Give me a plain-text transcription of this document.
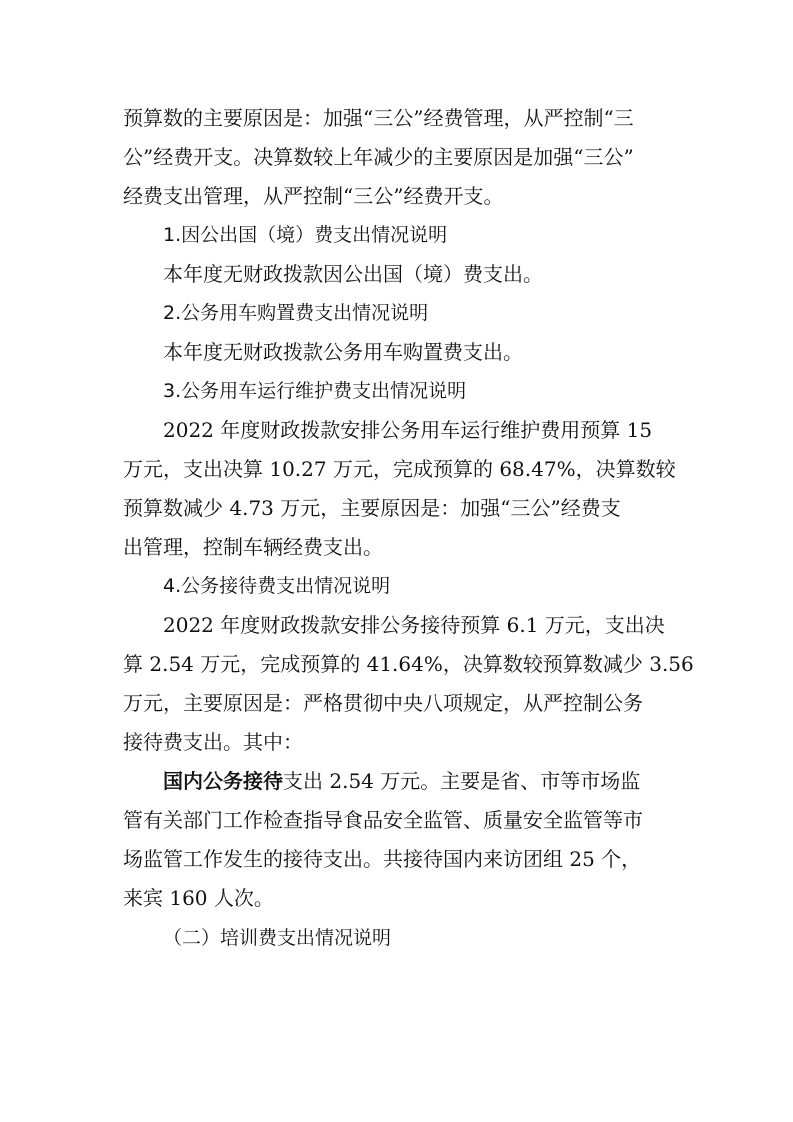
预算数的主要原因是：加强“三公”经费管理，从严控制“三
公”经费开支。决算数较上年减少的主要原因是加强“三公”
经费支出管理，从严控制“三公”经费开支。
1.因公出国（境）费支出情况说明
本年度无财政拨款因公出国（境）费支出。
2.公务用车购置费支出情况说明
本年度无财政拨款公务用车购置费支出。
3.公务用车运行维护费支出情况说明
2022 年度财政拨款安排公务用车运行维护费用预算 15
万元，支出决算 10.27 万元，完成预算的 68.47%，决算数较
预算数减少 4.73 万元，主要原因是：加强“三公”经费支
出管理，控制车辆经费支出。
4.公务接待费支出情况说明
2022 年度财政拨款安排公务接待预算 6.1 万元，支出决
算 2.54 万元，完成预算的 41.64%，决算数较预算数减少 3.56
万元，主要原因是：严格贯彻中央八项规定，从严控制公务
接待费支出。其中：
国内公务接待支出 2.54 万元。主要是省、市等市场监
管有关部门工作检查指导食品安全监管、质量安全监管等市
场监管工作发生的接待支出。共接待国内来访团组 25 个，
来宾 160 人次。
（二）培训费支出情况说明
